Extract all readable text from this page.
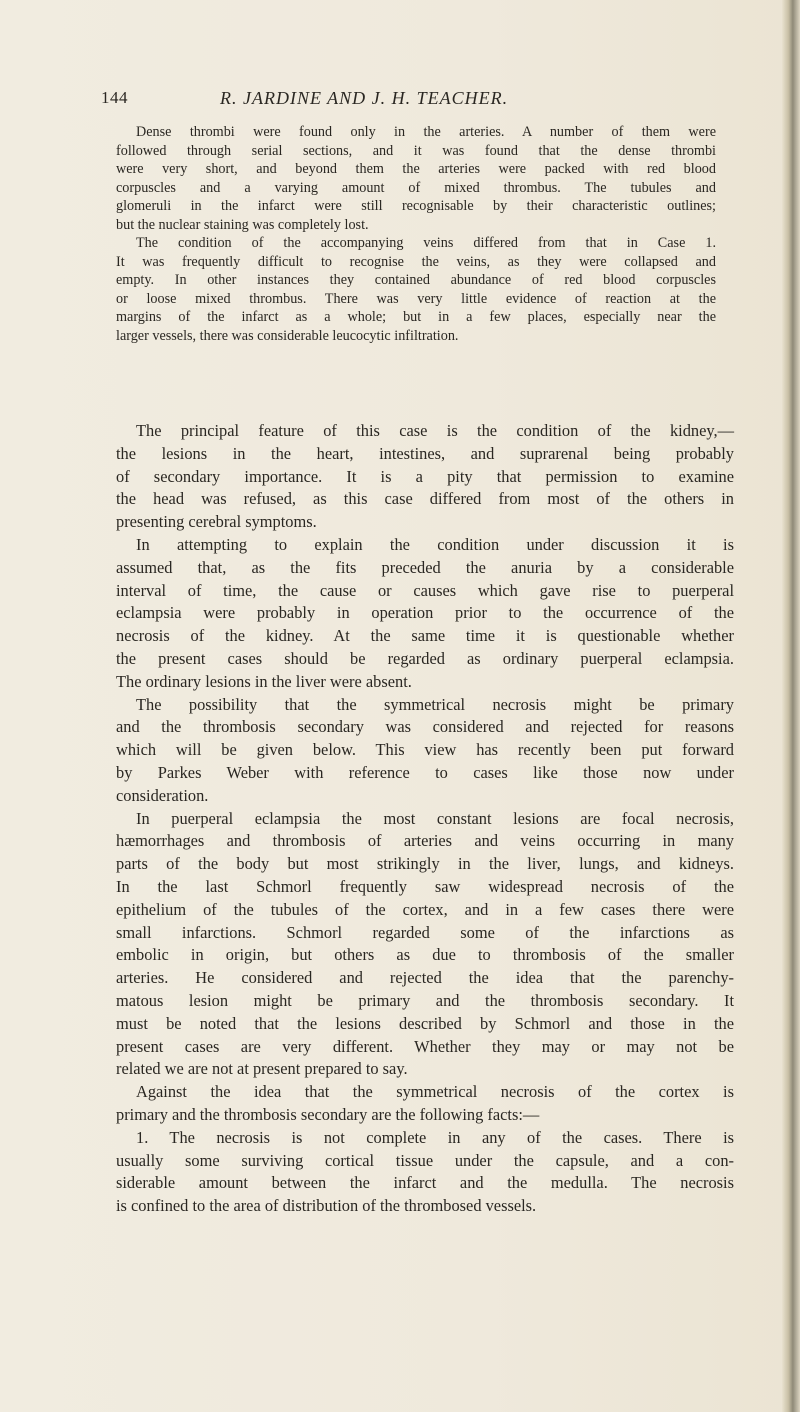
144	R. JARDINE AND J. H. TEACHER.
Dense thrombi were found only in the arteries. A number of them were
followed through serial sections, and it was found that the dense thrombi
were very short, and beyond them the arteries were packed with red blood
corpuscles and a varying amount of mixed thrombus. The tubules and
glomeruli in the infarct were still recognisable by their characteristic outlines;
but the nuclear staining was completely lost.
The condition of the accompanying veins differed from that in Case 1.
It was frequently difficult to recognise the veins, as they were collapsed and
empty. In other instances they contained abundance of red blood corpuscles
or loose mixed thrombus. There was very little evidence of reaction at the
margins of the infarct as a whole; but in a few places, especially near the
larger vessels, there was considerable leucocytic infiltration.
The principal feature of this case is the condition of the kidney,—
the lesions in the heart, intestines, and suprarenal being probably
of secondary importance. It is a pity that permission to examine
the head was refused, as this case differed from most of the others in
presenting cerebral symptoms.
In attempting to explain the condition under discussion it is
assumed that, as the fits preceded the anuria by a considerable
interval of time, the cause or causes which gave rise to puerperal
eclampsia were probably in operation prior to the occurrence of the
necrosis of the kidney. At the same time it is questionable whether
the present cases should be regarded as ordinary puerperal eclampsia.
The ordinary lesions in the liver were absent.
The possibility that the symmetrical necrosis might be primary
and the thrombosis secondary was considered and rejected for reasons
which will be given below. This view has recently been put forward
by Parkes Weber with reference to cases like those now under
consideration.
In puerperal eclampsia the most constant lesions are focal necrosis,
hæmorrhages and thrombosis of arteries and veins occurring in many
parts of the body but most strikingly in the liver, lungs, and kidneys.
In the last Schmorl frequently saw widespread necrosis of the
epithelium of the tubules of the cortex, and in a few cases there were
small infarctions. Schmorl regarded some of the infarctions as
embolic in origin, but others as due to thrombosis of the smaller
arteries. He considered and rejected the idea that the parenchy-
matous lesion might be primary and the thrombosis secondary. It
must be noted that the lesions described by Schmorl and those in the
present cases are very different. Whether they may or may not be
related we are not at present prepared to say.
Against the idea that the symmetrical necrosis of the cortex is
primary and the thrombosis secondary are the following facts:—
1. The necrosis is not complete in any of the cases. There is
usually some surviving cortical tissue under the capsule, and a con-
siderable amount between the infarct and the medulla. The necrosis
is confined to the area of distribution of the thrombosed vessels.
